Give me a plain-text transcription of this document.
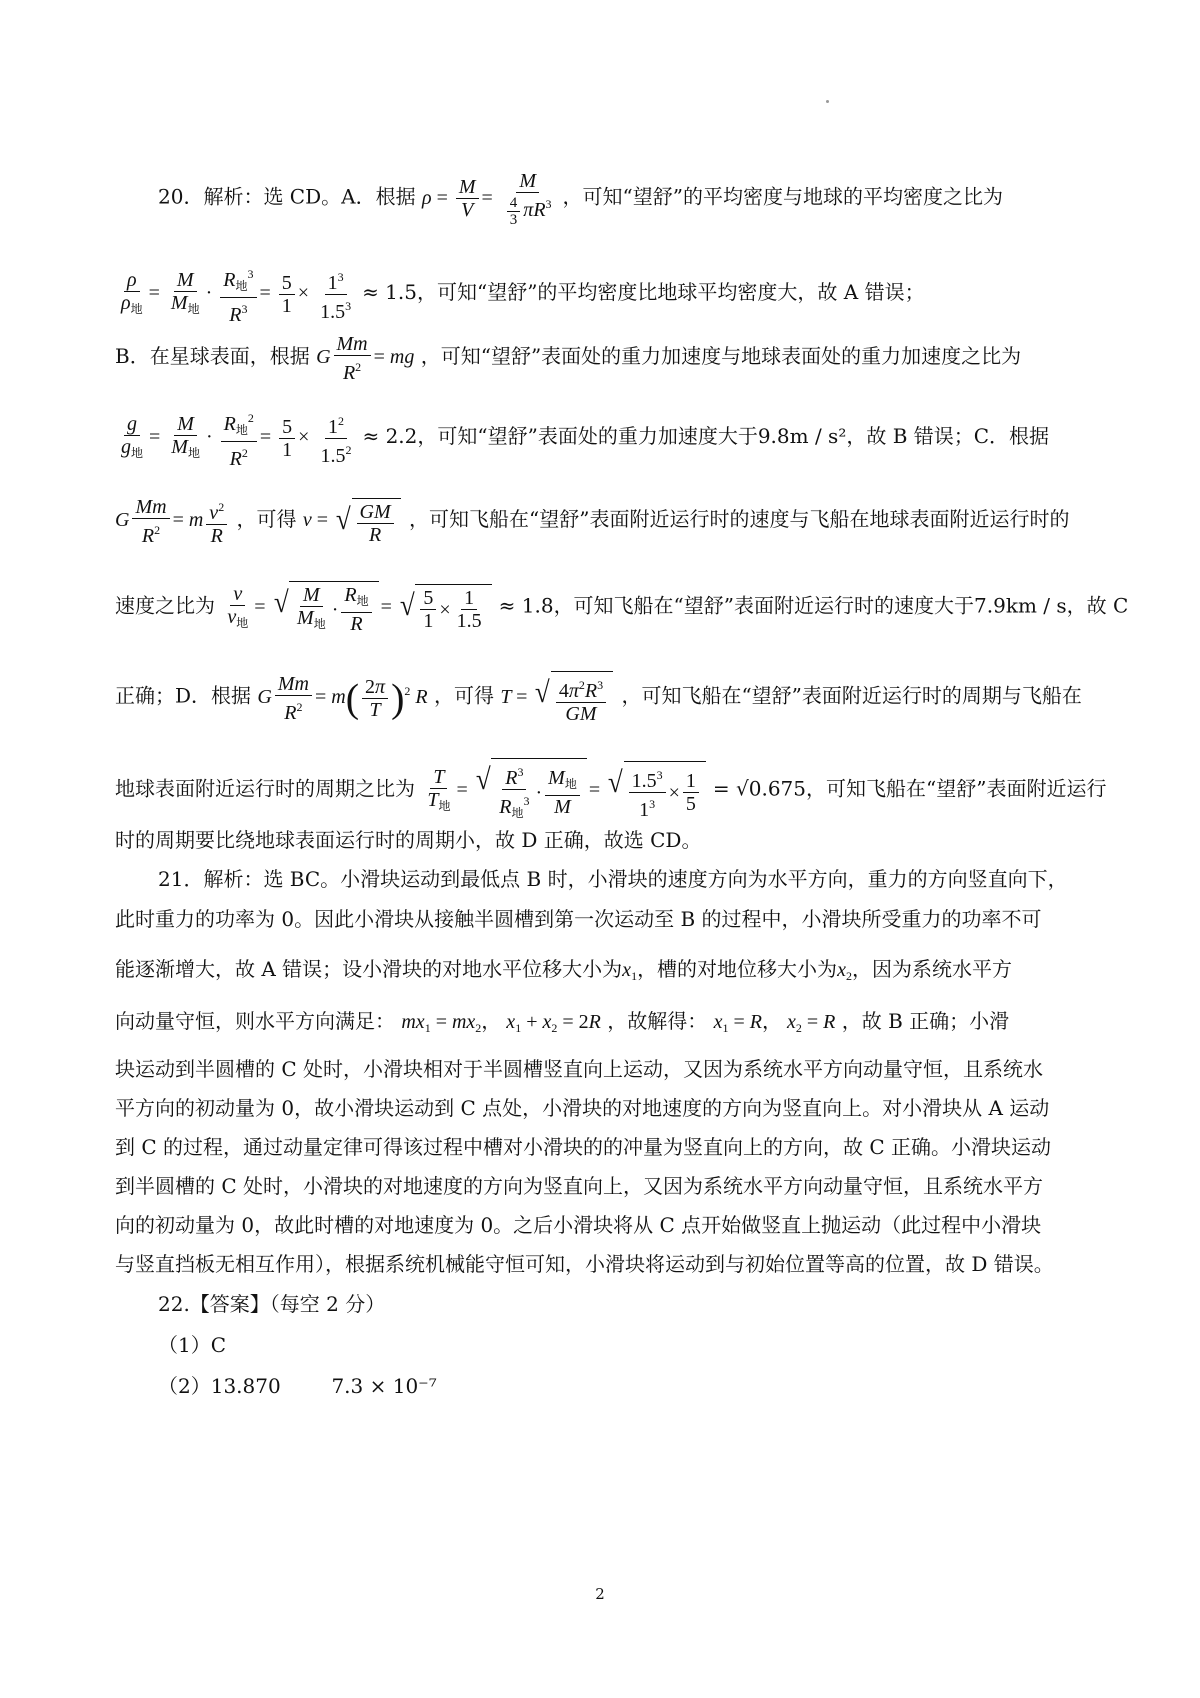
20．解析：选 CD。A．根据 $\rho = \frac{M}{V} = \frac{M}{\frac{4}{3} \pi R^3}$ ，可知“望舒”的平均密度与地球的平均密度之比为
$\frac{\rho}{\rho_地} = \frac{M}{M_地} \cdot \frac{R_地^3}{R^3} = \frac{5}{1} \times \frac{1^3}{1.5^3} \approx 1.5$，可知“望舒”的平均密度比地球平均密度大，故 A 错误；
B．在星球表面，根据 G $\frac{Mm}{R^2}$ = mg ，可知“望舒”表面处的重力加速度与地球表面处的重力加速度之比为
$\frac{g}{g_地} = \frac{M}{M_地} \cdot \frac{R_地^2}{R^2} = \frac{5}{1} \times \frac{1^2}{1.5^2} \approx 2.2$，可知“望舒”表面处的重力加速度大于9.8m / s²，故 B 错误；C．根据
G $\frac{Mm}{R^2} = m \frac{v^2}{R}$ ，可得 v = √ $\frac{GM}{R}$ ，可知飞船在“望舒”表面附近运行时的速度与飞船在地球表面附近运行时的
速度之比为 $\frac{v}{v_地}$ = √ $\frac{M}{M_地} \cdot \frac{R_地}{R}$ = √ $\frac{5}{1} \times \frac{1}{1.5} \approx 1.8$，可知飞船在“望舒”表面附近运行时的速度大于7.9km / s，故 C
正确；D．根据 G $\frac{Mm}{R^2} = m( \frac{2\pi}{T} )^2$ R ，可得 T = √ $\frac{4\pi^2R^3}{GM}$ ，可知飞船在“望舒”表面附近运行时的周期与飞船在
地球表面附近运行时的周期之比为 $\frac{T}{T_地}$ = √ $\frac{R^3}{R_地^3} \cdot \frac{M_地}{M}$ = √ $\frac{1.5^3}{1^3} \times \frac{1}{5} = √0.675$，可知飞船在“望舒”表面附近运行
时的周期要比绕地球表面运行时的周期小，故 D 正确，故选 CD。
21．解析：选 BC。小滑块运动到最低点 B 时，小滑块的速度方向为水平方向，重力的方向竖直向下，
此时重力的功率为 0。因此小滑块从接触半圆槽到第一次运动至 B 的过程中，小滑块所受重力的功率不可
能逐渐增大，故 A 错误；设小滑块的对地水平位移大小为$x_1$，槽的对地位移大小为$x_2$，因为系统水平方
向动量守恒，则水平方向满足： $mx_1 = mx_2$， $x_1 + x_2 = 2R$ ，故解得： $x_1 = R$， $x_2 = R$ ，故 B 正确；小滑
块运动到半圆槽的 C 处时，小滑块相对于半圆槽竖直向上运动，又因为系统水平方向动量守恒，且系统水
平方向的初动量为 0，故小滑块运动到 C 点处，小滑块的对地速度的方向为竖直向上。对小滑块从 A 运动
到 C 的过程，通过动量定律可得该过程中槽对小滑块的的冲量为竖直向上的方向，故 C 正确。小滑块运动
到半圆槽的 C 处时，小滑块的对地速度的方向为竖直向上，又因为系统水平方向动量守恒，且系统水平方
向的初动量为 0，故此时槽的对地速度为 0。之后小滑块将从 C 点开始做竖直上抛运动（此过程中小滑块
与竖直挡板无相互作用），根据系统机械能守恒可知，小滑块将运动到与初始位置等高的位置，故 D 错误。
22.【答案】（每空 2 分）
（1）C
（2）13.870	7.3 × 10⁻⁷
2
